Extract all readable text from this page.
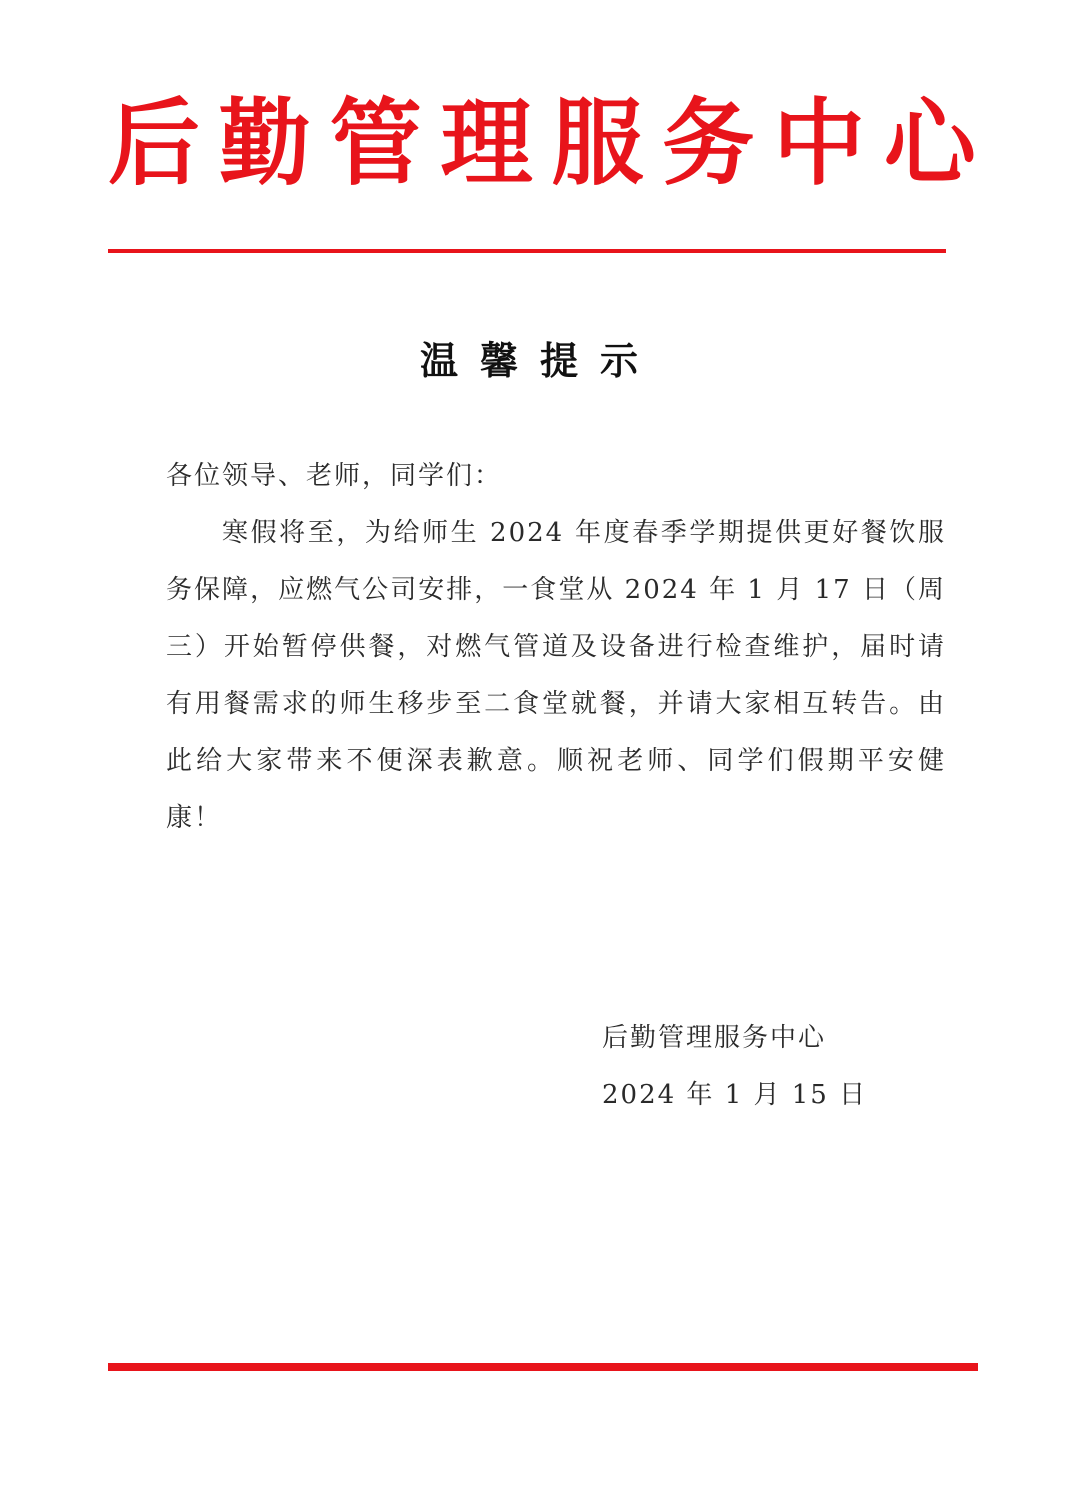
后 勤 管 理 服 务 中 心
温馨提示

各位领导、老师，同学们：

寒假将至，为给师生 2024 年度春季学期提供更好餐饮服务保障，应燃气公司安排，一食堂从 2024 年 1 月 17 日（周三）开始暂停供餐，对燃气管道及设备进行检查维护，届时请有用餐需求的师生移步至二食堂就餐，并请大家相互转告。由此给大家带来不便深表歉意。顺祝老师、同学们假期平安健康！

后勤管理服务中心
2024 年 1 月 15 日
